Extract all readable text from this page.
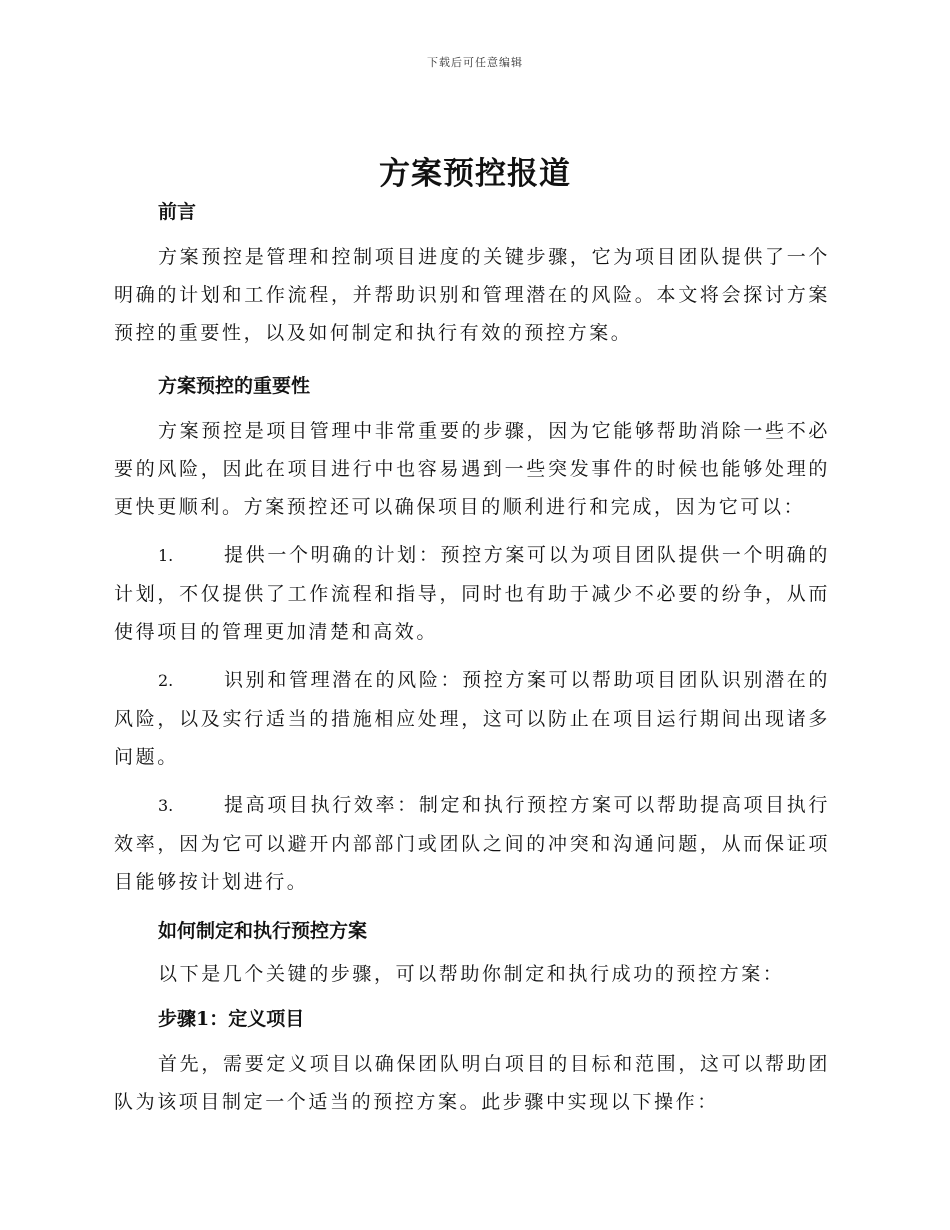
下载后可任意编辑
方案预控报道

前言

方案预控是管理和控制项目进度的关键步骤，它为项目团队提供了一个明确的计划和工作流程，并帮助识别和管理潜在的风险。本文将会探讨方案预控的重要性，以及如何制定和执行有效的预控方案。

方案预控的重要性

方案预控是项目管理中非常重要的步骤，因为它能够帮助消除一些不必要的风险，因此在项目进行中也容易遇到一些突发事件的时候也能够处理的更快更顺利。方案预控还可以确保项目的顺利进行和完成，因为它可以：

1.	提供一个明确的计划：预控方案可以为项目团队提供一个明确的计划，不仅提供了工作流程和指导，同时也有助于减少不必要的纷争，从而使得项目的管理更加清楚和高效。

2.	识别和管理潜在的风险：预控方案可以帮助项目团队识别潜在的风险，以及实行适当的措施相应处理，这可以防止在项目运行期间出现诸多问题。

3.	提高项目执行效率：制定和执行预控方案可以帮助提高项目执行效率，因为它可以避开内部部门或团队之间的冲突和沟通问题，从而保证项目能够按计划进行。

如何制定和执行预控方案

以下是几个关键的步骤，可以帮助你制定和执行成功的预控方案：

步骤1：定义项目

首先，需要定义项目以确保团队明白项目的目标和范围，这可以帮助团队为该项目制定一个适当的预控方案。此步骤中实现以下操作：
